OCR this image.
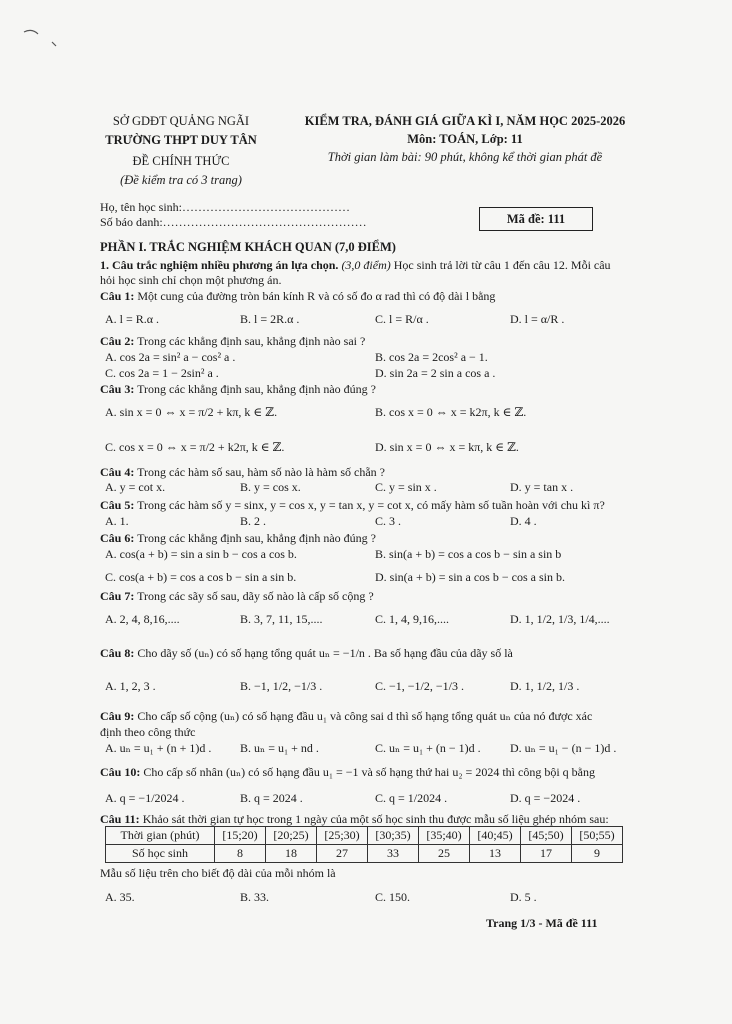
SỞ GDĐT QUẢNG NGÃI
TRƯỜNG THPT DUY TÂN
ĐỀ CHÍNH THỨC
(Đề kiểm tra có 3 trang)
KIỂM TRA, ĐÁNH GIÁ GIỮA KÌ I, NĂM HỌC 2025-2026
Môn: TOÁN, Lớp: 11
Thời gian làm bài: 90 phút, không kể thời gian phát đề
Họ, tên học sinh:……………………………………
Số báo danh:……………………………………………	Mã đề: 111
PHẦN I. TRẮC NGHIỆM KHÁCH QUAN (7,0 ĐIỂM)
1. Câu trắc nghiệm nhiều phương án lựa chọn. (3,0 điểm) Học sinh trả lời từ câu 1 đến câu 12. Mỗi câu
hỏi học sinh chỉ chọn một phương án.
Câu 1: Một cung của đường tròn bán kính R và có số đo α rad thì có độ dài l bằng
A. l = R.α .	B. l = 2R.α .	C. l = R/α .	D. l = α/R .
Câu 2: Trong các khẳng định sau, khẳng định nào sai ?
A. cos 2a = sin² a − cos² a .	B. cos 2a = 2cos² a − 1.
C. cos 2a = 1 − 2sin² a .	D. sin 2a = 2 sin a cos a .
Câu 3: Trong các khẳng định sau, khẳng định nào đúng ?
A. sin x = 0 ⇔ x = π/2 + kπ, k ∈ ℤ.	B. cos x = 0 ⇔ x = k2π, k ∈ ℤ.
C. cos x = 0 ⇔ x = π/2 + k2π, k ∈ ℤ.	D. sin x = 0 ⇔ x = kπ, k ∈ ℤ.
Câu 4: Trong các hàm số sau, hàm số nào là hàm số chẵn ?
A. y = cot x.	B. y = cos x.	C. y = sin x .	D. y = tan x .
Câu 5: Trong các hàm số y = sinx, y = cos x, y = tan x, y = cot x, có mấy hàm số tuần hoàn với chu kì π?
A. 1.	B. 2 .	C. 3 .	D. 4 .
Câu 6: Trong các khẳng định sau, khẳng định nào đúng ?
A. cos(a + b) = sin a sin b − cos a cos b.	B. sin(a + b) = cos a cos b − sin a sin b
C. cos(a + b) = cos a cos b − sin a sin b.	D. sin(a + b) = sin a cos b − cos a sin b.
Câu 7: Trong các sãy số sau, dãy số nào là cấp số cộng ?
A. 2, 4, 8,16,....	B. 3, 7, 11, 15,....	C. 1, 4, 9,16,....	D. 1, 1/2, 1/3, 1/4,....
Câu 8: Cho dãy số (uₙ) có số hạng tổng quát uₙ = −1/n . Ba số hạng đầu của dãy số là
A. 1, 2, 3 .	B. −1, 1/2, −1/3 .	C. −1, −1/2, −1/3 .	D. 1, 1/2, 1/3 .
Câu 9: Cho cấp số cộng (uₙ) có số hạng đầu u₁ và công sai d thì số hạng tổng quát uₙ của nó được xác
định theo công thức
A. uₙ = u₁ + (n + 1)d . B. uₙ = u₁ + nd .	C. uₙ = u₁ + (n − 1)d . D. uₙ = u₁ − (n − 1)d .
Câu 10: Cho cấp số nhân (uₙ) có số hạng đầu u₁ = −1 và số hạng thứ hai u₂ = 2024 thì công bội q bằng
A. q = −1/2024 .	B. q = 2024 .	C. q = 1/2024 .	D. q = −2024 .
Câu 11: Khảo sát thời gian tự học trong 1 ngày của một số học sinh thu được mẫu số liệu ghép nhóm sau:
Thời gian (phút)	[15;20)	[20;25)	[25;30)	[30;35)	[35;40)	[40;45)	[45;50)	[50;55)
Số học sinh	8	18	27	33	25	13	17	9
Mẫu số liệu trên cho biết độ dài của mỗi nhóm là
A. 35.	B. 33.	C. 150.	D. 5 .
Trang 1/3 - Mã đề 111
